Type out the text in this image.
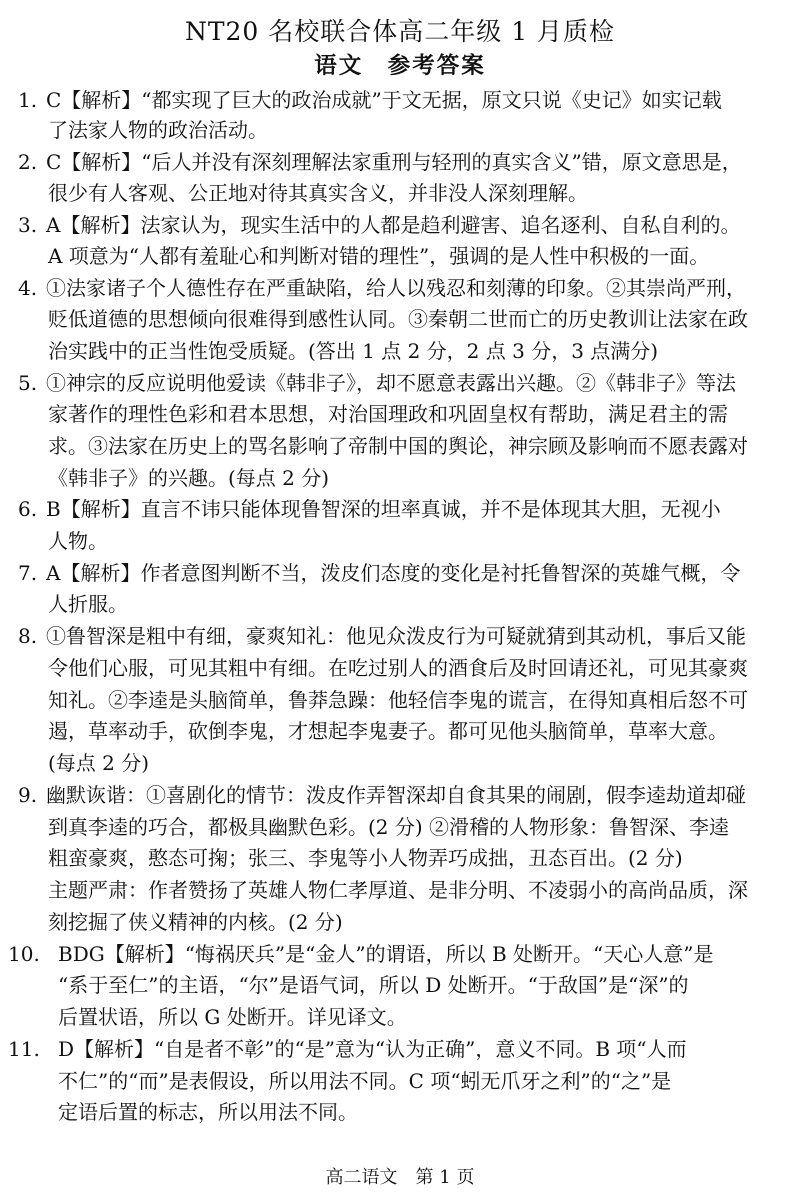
NT20 名校联合体高二年级 1 月质检
语文　参考答案
1. C【解析】“都实现了巨大的政治成就”于文无据，原文只说《史记》如实记载
了法家人物的政治活动。
2. C【解析】“后人并没有深刻理解法家重刑与轻刑的真实含义”错，原文意思是，
很少有人客观、公正地对待其真实含义，并非没人深刻理解。
3. A【解析】法家认为，现实生活中的人都是趋利避害、追名逐利、自私自利的。
A 项意为“人都有羞耻心和判断对错的理性”，强调的是人性中积极的一面。
4. ①法家诸子个人德性存在严重缺陷，给人以残忍和刻薄的印象。②其崇尚严刑，
贬低道德的思想倾向很难得到感性认同。③秦朝二世而亡的历史教训让法家在政
治实践中的正当性饱受质疑。(答出 1 点 2 分，2 点 3 分，3 点满分)
5. ①神宗的反应说明他爱读《韩非子》，却不愿意表露出兴趣。②《韩非子》等法
家著作的理性色彩和君本思想，对治国理政和巩固皇权有帮助，满足君主的需
求。③法家在历史上的骂名影响了帝制中国的舆论，神宗顾及影响而不愿表露对
《韩非子》的兴趣。(每点 2 分)
6. B【解析】直言不讳只能体现鲁智深的坦率真诚，并不是体现其大胆，无视小
人物。
7. A【解析】作者意图判断不当，泼皮们态度的变化是衬托鲁智深的英雄气概，令
人折服。
8. ①鲁智深是粗中有细，豪爽知礼：他见众泼皮行为可疑就猜到其动机，事后又能
令他们心服，可见其粗中有细。在吃过别人的酒食后及时回请还礼，可见其豪爽
知礼。②李逵是头脑简单，鲁莽急躁：他轻信李鬼的谎言，在得知真相后怒不可
遏，草率动手，砍倒李鬼，才想起李鬼妻子。都可见他头脑简单，草率大意。
(每点 2 分)
9. 幽默诙谐：①喜剧化的情节：泼皮作弄智深却自食其果的闹剧，假李逵劫道却碰
到真李逵的巧合，都极具幽默色彩。(2 分) ②滑稽的人物形象：鲁智深、李逵
粗蛮豪爽，憨态可掬；张三、李鬼等小人物弄巧成拙，丑态百出。(2 分)
主题严肃：作者赞扬了英雄人物仁孝厚道、是非分明、不凌弱小的高尚品质，深
刻挖掘了侠义精神的内核。(2 分)
10. BDG【解析】“悔祸厌兵”是“金人”的谓语，所以 B 处断开。“天心人意”是
“系于至仁”的主语，“尔”是语气词，所以 D 处断开。“于敌国”是“深”的
后置状语，所以 G 处断开。详见译文。
11. D【解析】“自是者不彰”的“是”意为“认为正确”，意义不同。B 项“人而
不仁”的“而”是表假设，所以用法不同。C 项“蚓无爪牙之利”的“之”是
定语后置的标志，所以用法不同。
高二语文　第 1 页
